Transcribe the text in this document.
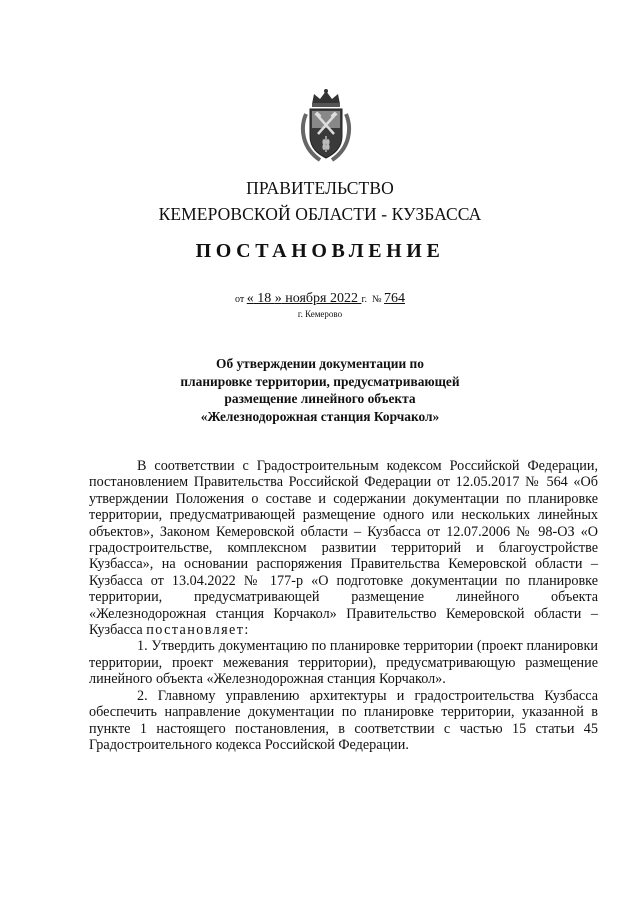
ПРАВИТЕЛЬСТВО
КЕМЕРОВСКОЙ ОБЛАСТИ - КУЗБАССА
ПОСТАНОВЛЕНИЕ
от « 18 » ноября 2022 г. № 764
г. Кемерово
Об утверждении документации по
планировке территории, предусматривающей
размещение линейного объекта
«Железнодорожная станция Корчакол»

В соответствии с Градостроительным кодексом Российской Федерации, постановлением Правительства Российской Федерации от 12.05.2017 № 564 «Об утверждении Положения о составе и содержании документации по планировке территории, предусматривающей размещение одного или нескольких линейных объектов», Законом Кемеровской области – Кузбасса от 12.07.2006 № 98-ОЗ «О градостроительстве, комплексном развитии территорий и благоустройстве Кузбасса», на основании распоряжения Правительства Кемеровской области – Кузбасса от 13.04.2022 № 177-р «О подготовке документации по планировке территории, предусматривающей размещение линейного объекта «Железнодорожная станция Корчакол» Правительство Кемеровской области – Кузбасса постановляет:

1. Утвердить документацию по планировке территории (проект планировки территории, проект межевания территории), предусматривающую размещение линейного объекта «Железнодорожная станция Корчакол».

2. Главному управлению архитектуры и градостроительства Кузбасса обеспечить направление документации по планировке территории, указанной в пункте 1 настоящего постановления, в соответствии с частью 15 статьи 45 Градостроительного кодекса Российской Федерации.
